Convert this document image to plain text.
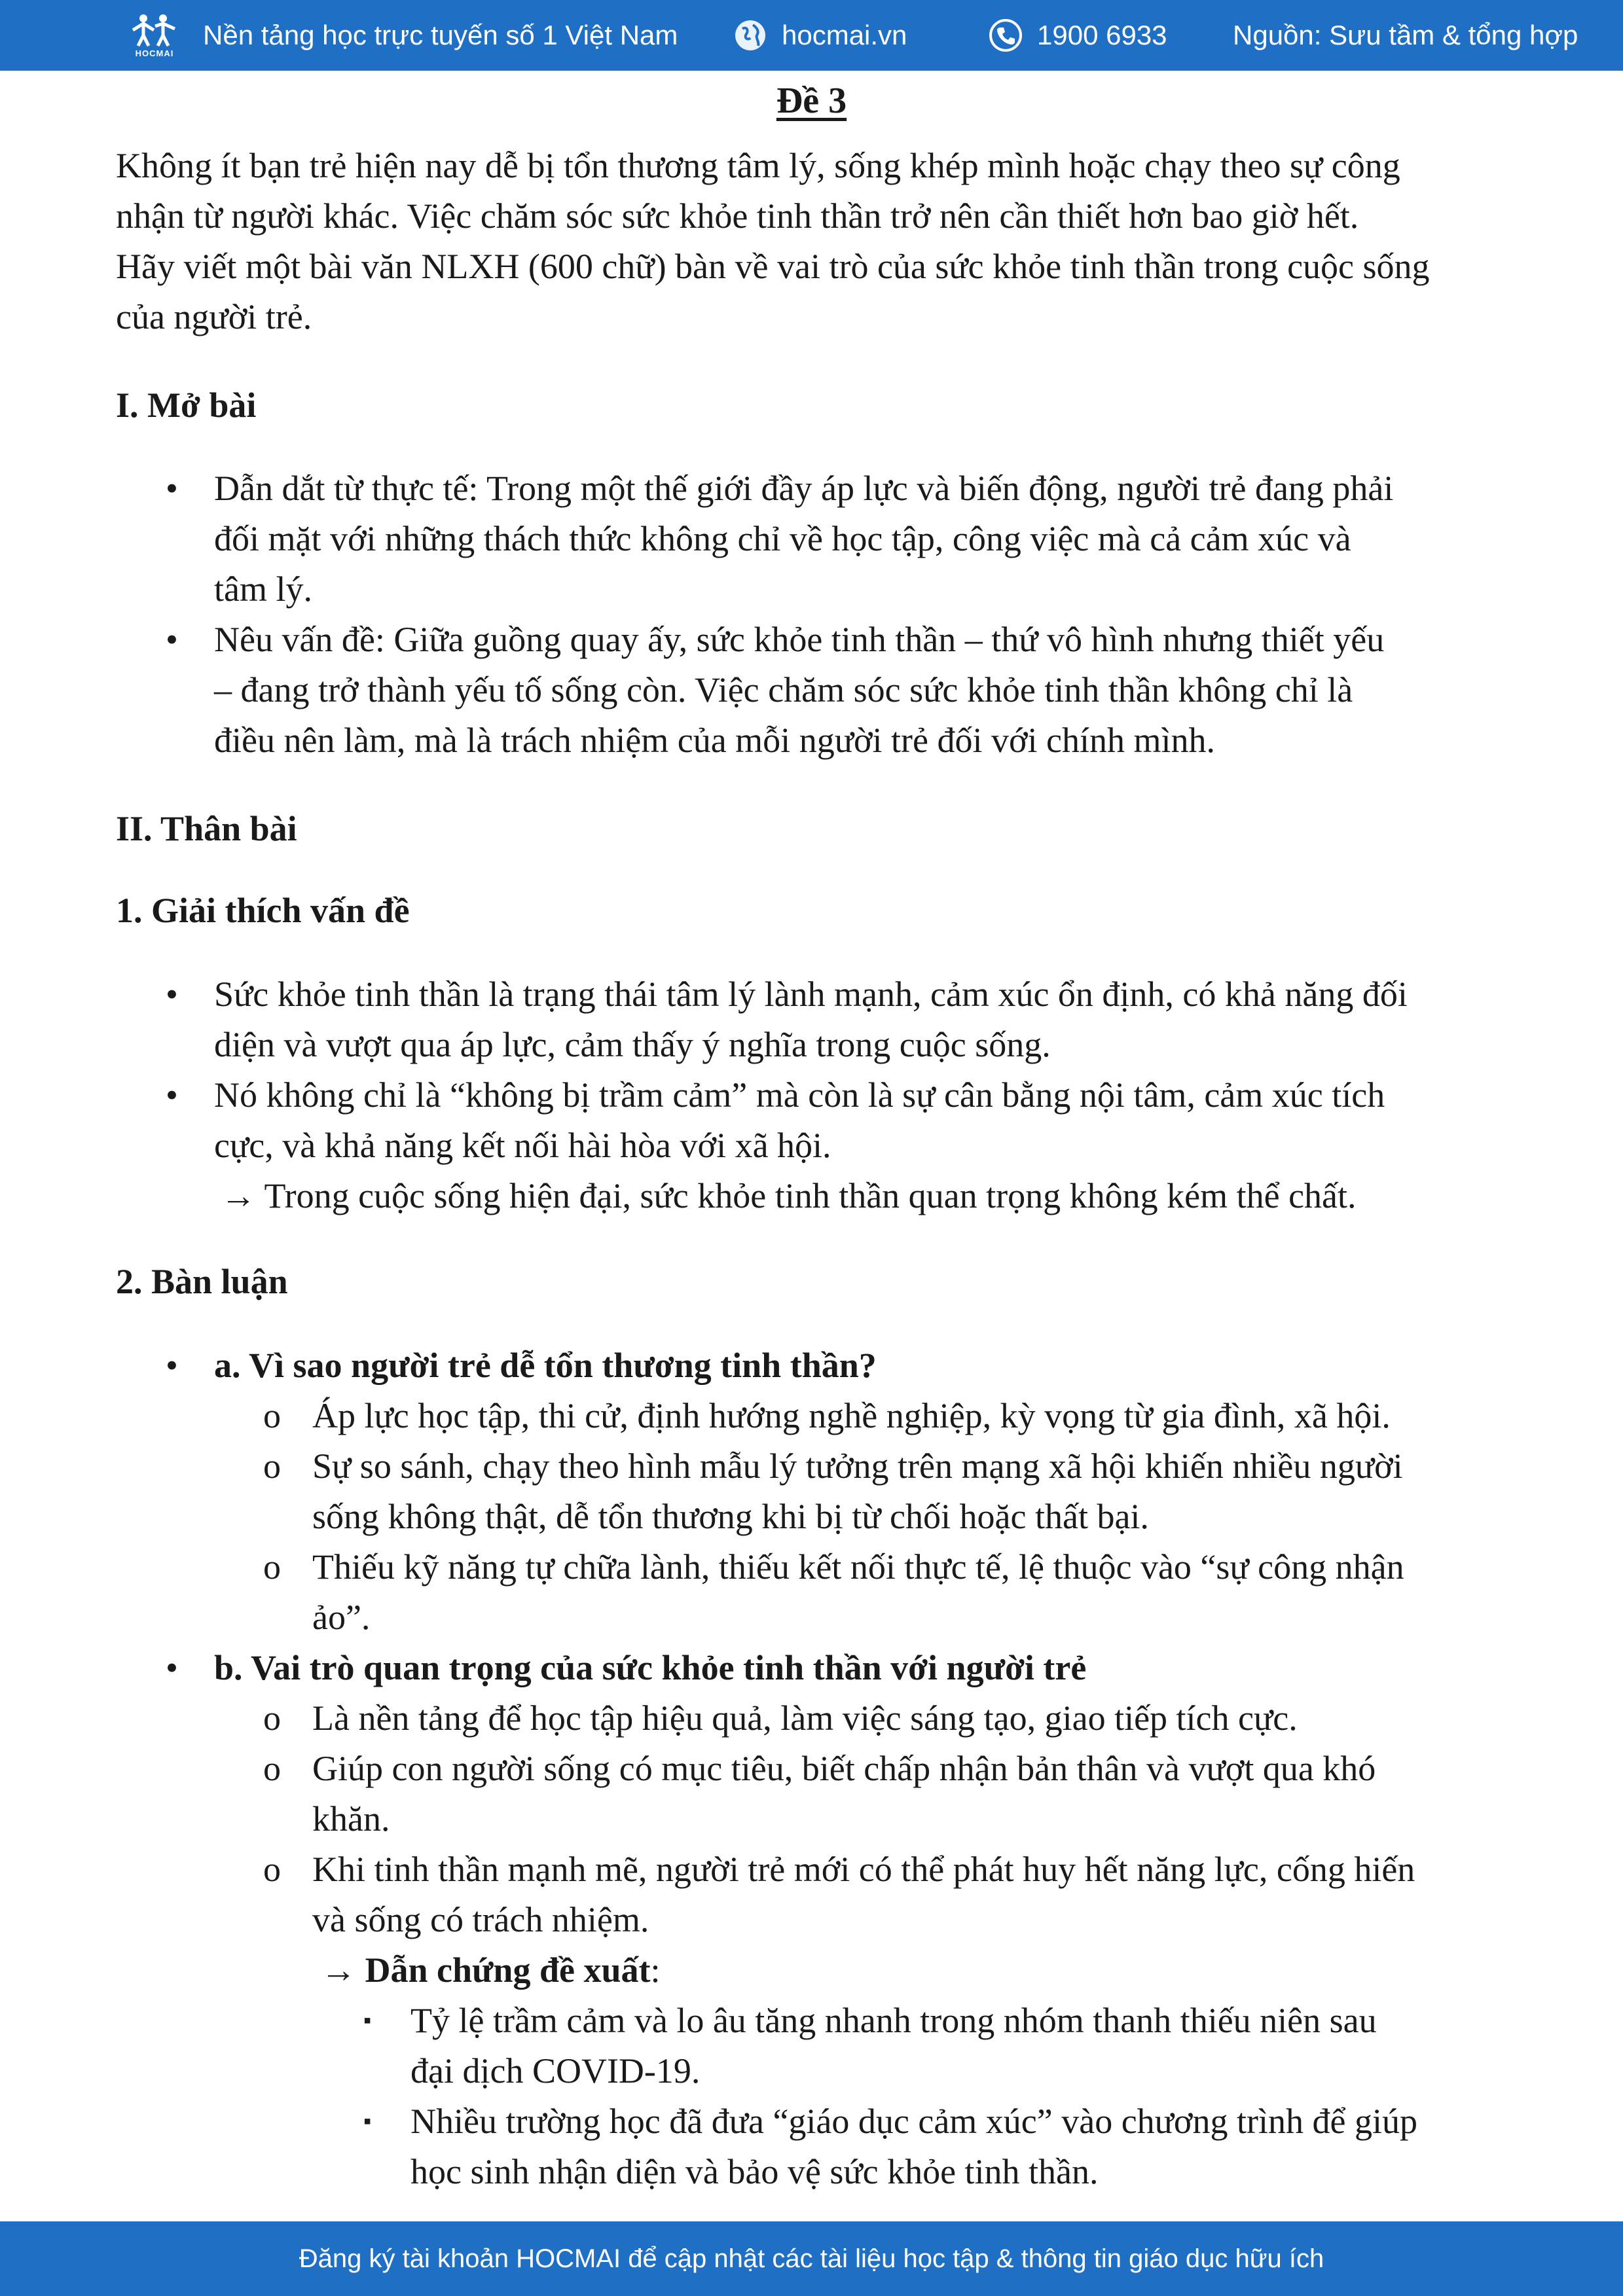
HOCMAI
Nền tảng học trực tuyến số 1 Việt Nam	hocmai.vn	1900 6933 Nguồn: Sưu tầm & tổng hợp
Đề 3
Không ít bạn trẻ hiện nay dễ bị tổn thương tâm lý, sống khép mình hoặc chạy theo sự công
nhận từ người khác. Việc chăm sóc sức khỏe tinh thần trở nên cần thiết hơn bao giờ hết.
Hãy viết một bài văn NLXH (600 chữ) bàn về vai trò của sức khỏe tinh thần trong cuộc sống
của người trẻ.
I. Mở bài
• Dẫn dắt từ thực tế: Trong một thế giới đầy áp lực và biến động, người trẻ đang phải
đối mặt với những thách thức không chỉ về học tập, công việc mà cả cảm xúc và
tâm lý.
• Nêu vấn đề: Giữa guồng quay ấy, sức khỏe tinh thần – thứ vô hình nhưng thiết yếu
– đang trở thành yếu tố sống còn. Việc chăm sóc sức khỏe tinh thần không chỉ là
điều nên làm, mà là trách nhiệm của mỗi người trẻ đối với chính mình.
II. Thân bài
1. Giải thích vấn đề
• Sức khỏe tinh thần là trạng thái tâm lý lành mạnh, cảm xúc ổn định, có khả năng đối
diện và vượt qua áp lực, cảm thấy ý nghĩa trong cuộc sống.
• Nó không chỉ là “không bị trầm cảm” mà còn là sự cân bằng nội tâm, cảm xúc tích
cực, và khả năng kết nối hài hòa với xã hội.
→ Trong cuộc sống hiện đại, sức khỏe tinh thần quan trọng không kém thể chất.
2. Bàn luận
• a. Vì sao người trẻ dễ tổn thương tinh thần?
o Áp lực học tập, thi cử, định hướng nghề nghiệp, kỳ vọng từ gia đình, xã hội.
o Sự so sánh, chạy theo hình mẫu lý tưởng trên mạng xã hội khiến nhiều người
sống không thật, dễ tổn thương khi bị từ chối hoặc thất bại.
o Thiếu kỹ năng tự chữa lành, thiếu kết nối thực tế, lệ thuộc vào “sự công nhận
ảo”.
• b. Vai trò quan trọng của sức khỏe tinh thần với người trẻ
o Là nền tảng để học tập hiệu quả, làm việc sáng tạo, giao tiếp tích cực.
o Giúp con người sống có mục tiêu, biết chấp nhận bản thân và vượt qua khó
khăn.
o Khi tinh thần mạnh mẽ, người trẻ mới có thể phát huy hết năng lực, cống hiến
và sống có trách nhiệm.
→ Dẫn chứng đề xuất:
▪ Tỷ lệ trầm cảm và lo âu tăng nhanh trong nhóm thanh thiếu niên sau
đại dịch COVID-19.
▪ Nhiều trường học đã đưa “giáo dục cảm xúc” vào chương trình để giúp
học sinh nhận diện và bảo vệ sức khỏe tinh thần.
Đăng ký tài khoản HOCMAI để cập nhật các tài liệu học tập & thông tin giáo dục hữu ích
